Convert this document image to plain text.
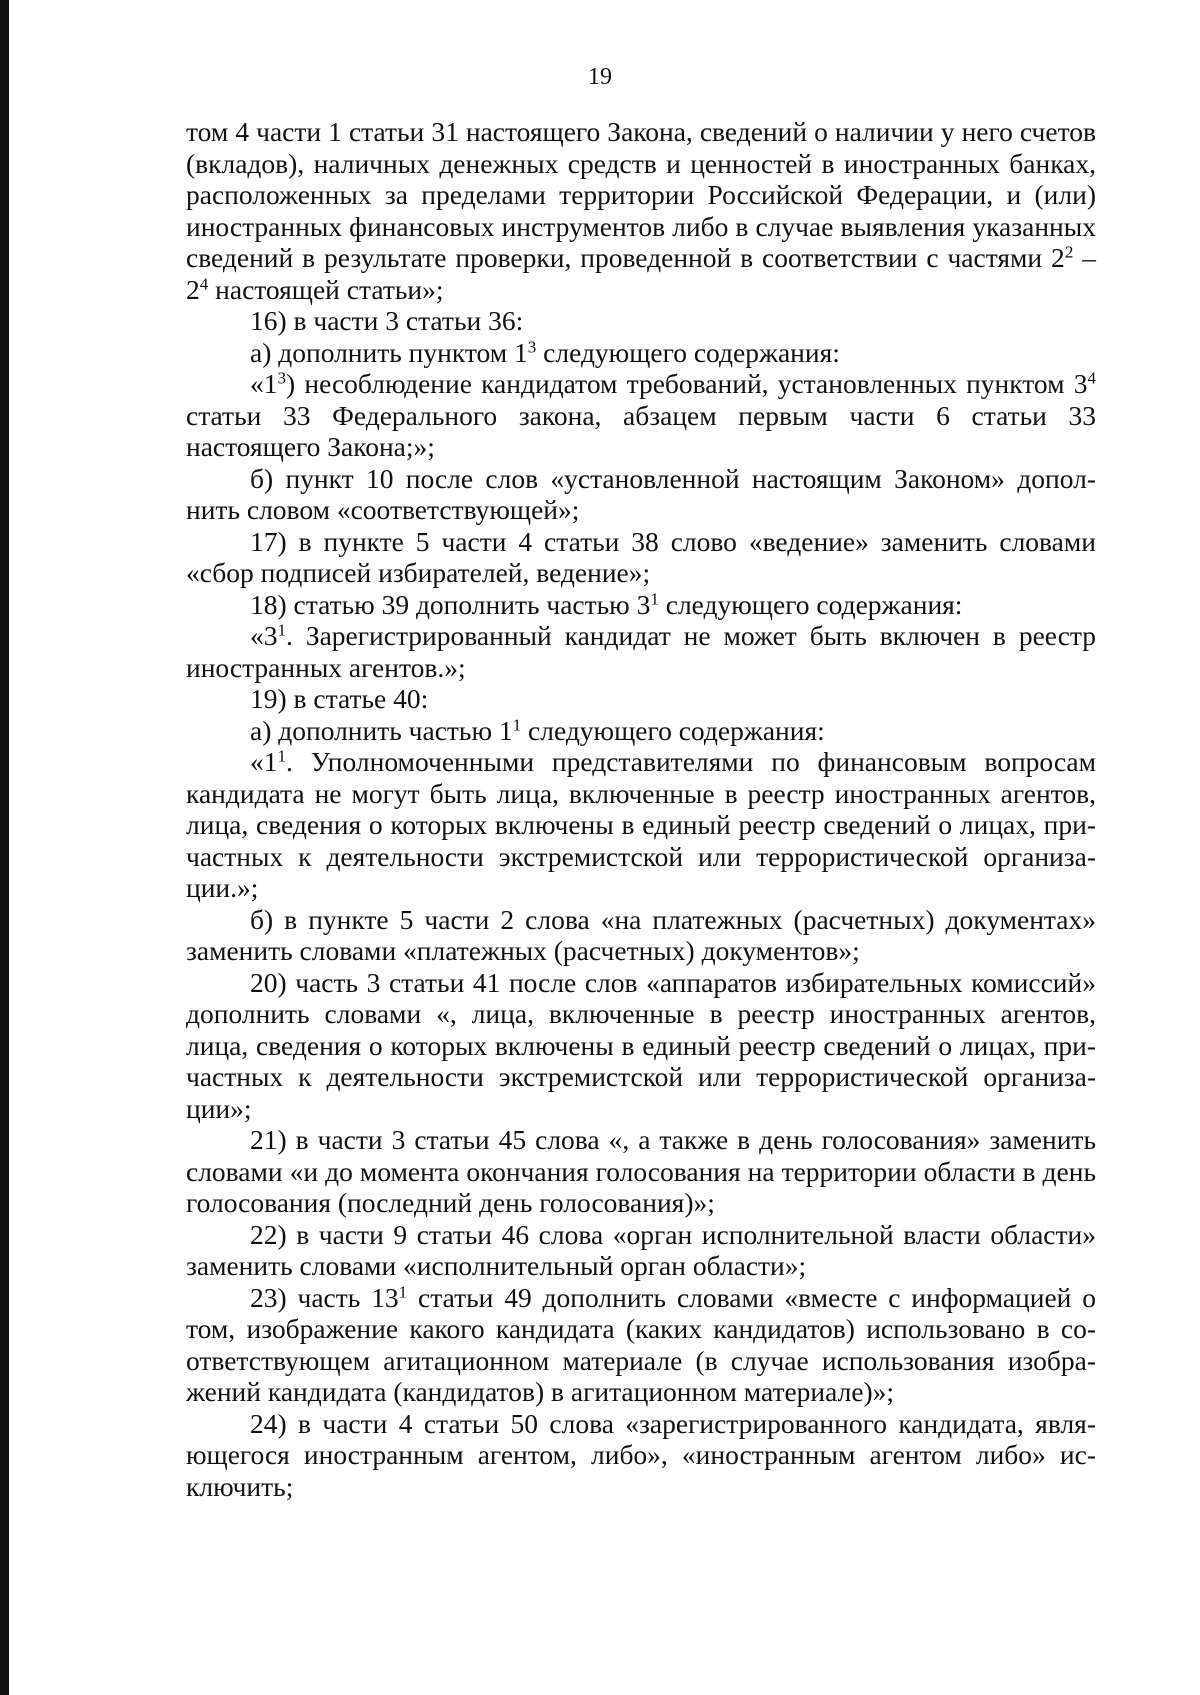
19

том 4 части 1 статьи 31 настоящего Закона, сведений о наличии у него счетов (вкладов), наличных денежных средств и ценностей в иностранных банках, расположенных за пределами территории Российской Федерации, и (или) иностранных финансовых инструментов либо в случае выявления указанных сведений в результате проверки, проведенной в соответствии с частями $2^2 - 2^4$ настоящей статьи»;

16) в части 3 статьи 36:

а) дополнить пунктом $1^3$ следующего содержания:

«$1^3$) несоблюдение кандидатом требований, установленных пунктом $3^4$ статьи 33 Федерального закона, абзацем первым части 6 статьи 33 настоящего Закона;»;

б) пункт 10 после слов «установленной настоящим Законом» дополнить словом «соответствующей»;

17) в пункте 5 части 4 статьи 38 слово «ведение» заменить словами «сбор подписей избирателей, ведение»;

18) статью 39 дополнить частью $3^1$ следующего содержания:

«$3^1$. Зарегистрированный кандидат не может быть включен в реестр иностранных агентов.»;

19) в статье 40:

а) дополнить частью $1^1$ следующего содержания:

«$1^1$. Уполномоченными представителями по финансовым вопросам кандидата не могут быть лица, включенные в реестр иностранных агентов, лица, сведения о которых включены в единый реестр сведений о лицах, причастных к деятельности экстремистской или террористической организации.»;

б) в пункте 5 части 2 слова «на платежных (расчетных) документах» заменить словами «платежных (расчетных) документов»;

20) часть 3 статьи 41 после слов «аппаратов избирательных комиссий» дополнить словами «, лица, включенные в реестр иностранных агентов, лица, сведения о которых включены в единый реестр сведений о лицах, причастных к деятельности экстремистской или террористической организации»;

21) в части 3 статьи 45 слова «, а также в день голосования» заменить словами «и до момента окончания голосования на территории области в день голосования (последний день голосования)»;

22) в части 9 статьи 46 слова «орган исполнительной власти области» заменить словами «исполнительный орган области»;

23) часть $13^1$ статьи 49 дополнить словами «вместе с информацией о том, изображение какого кандидата (каких кандидатов) использовано в соответствующем агитационном материале (в случае использования изображений кандидата (кандидатов) в агитационном материале)»;

24) в части 4 статьи 50 слова «зарегистрированного кандидата, являющегося иностранным агентом, либо», «иностранным агентом либо» исключить;
